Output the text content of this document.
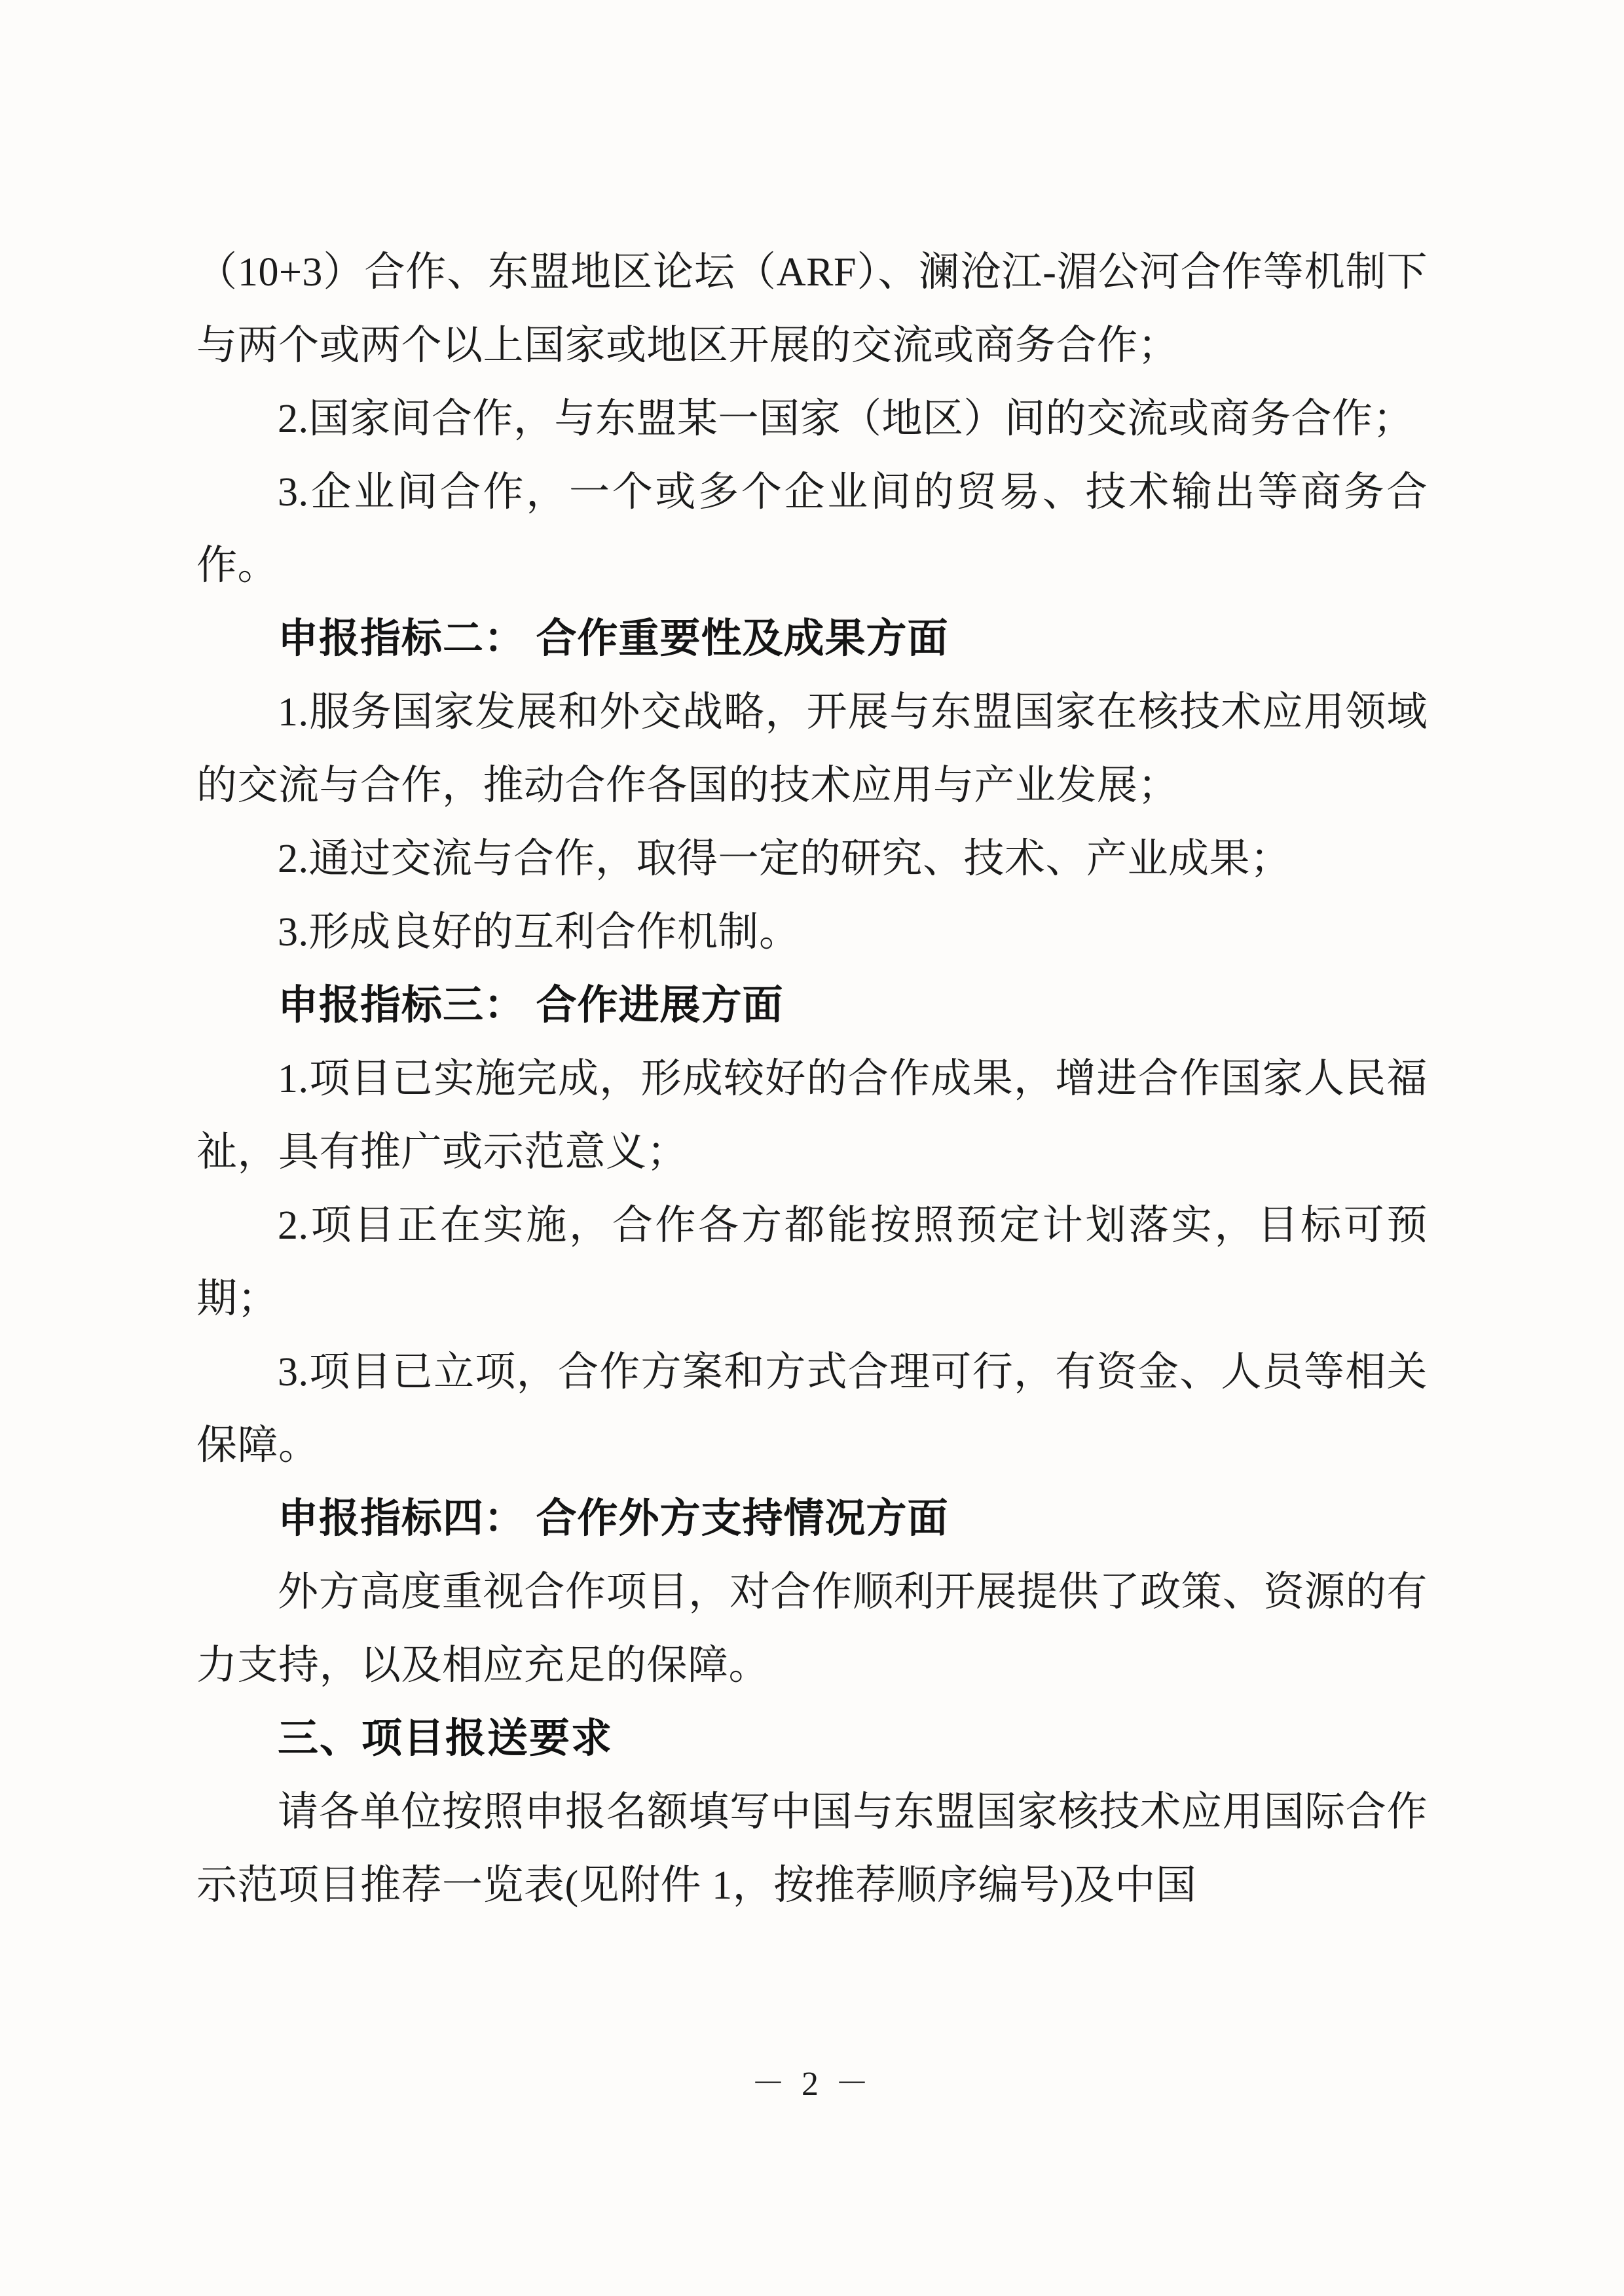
（10+3）合作、东盟地区论坛（ARF）、澜沧江-湄公河合作等机制下与两个或两个以上国家或地区开展的交流或商务合作；

2.国家间合作，与东盟某一国家（地区）间的交流或商务合作；

3.企业间合作，一个或多个企业间的贸易、技术输出等商务合作。

申报指标二： 合作重要性及成果方面

1.服务国家发展和外交战略，开展与东盟国家在核技术应用领域的交流与合作，推动合作各国的技术应用与产业发展；

2.通过交流与合作，取得一定的研究、技术、产业成果；

3.形成良好的互利合作机制。

申报指标三： 合作进展方面

1.项目已实施完成，形成较好的合作成果，增进合作国家人民福祉，具有推广或示范意义；

2.项目正在实施，合作各方都能按照预定计划落实，目标可预期；

3.项目已立项，合作方案和方式合理可行，有资金、人员等相关保障。

申报指标四： 合作外方支持情况方面

外方高度重视合作项目，对合作顺利开展提供了政策、资源的有力支持，以及相应充足的保障。

三、项目报送要求

请各单位按照申报名额填写中国与东盟国家核技术应用国际合作示范项目推荐一览表(见附件 1，按推荐顺序编号)及中国

－ 2 －
